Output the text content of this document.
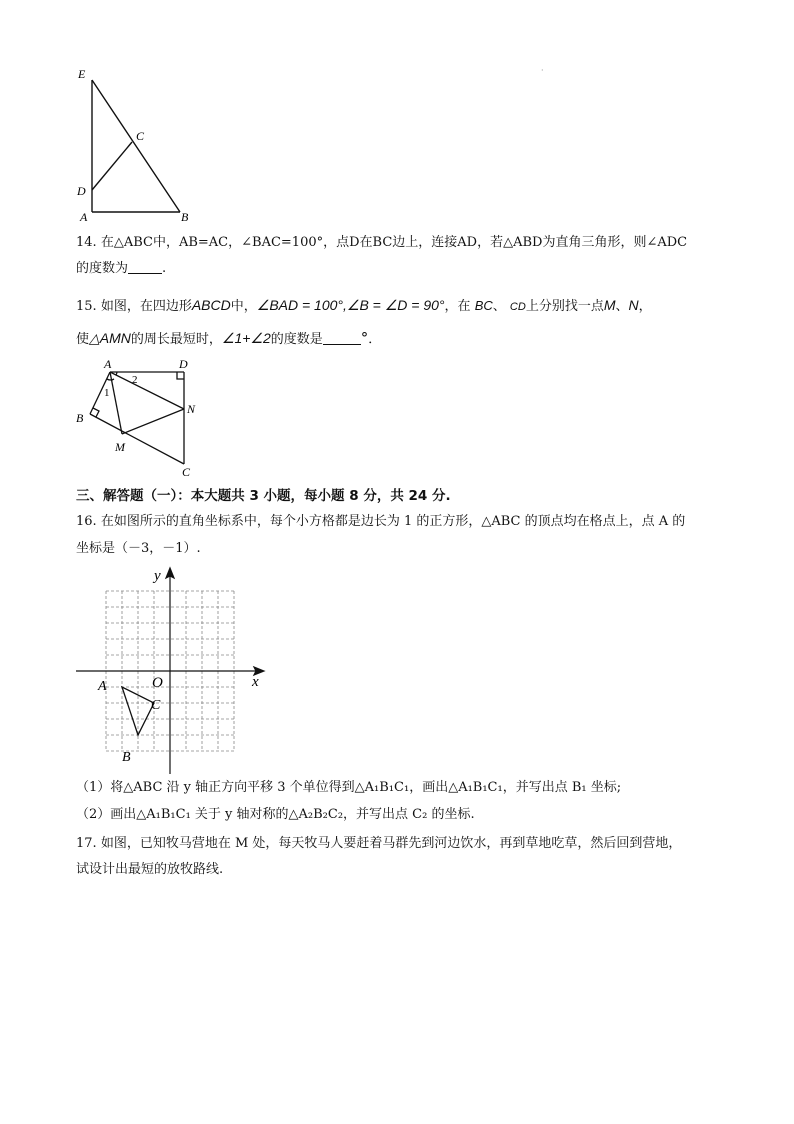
E
C
D
A	B
·
14. 在△ABC中，AB=AC，∠BAC=100°，点D在BC边上，连接AD，若△ABD为直角三角形，则∠ADC
的度数为	.
15. 如图，在四边形ABCD中，∠BAD = 100°,∠B = ∠D = 90°，在 BC、 CD上分别找一点M、N，
使△AMN的周长最短时，∠1+∠2的度数是	°．
A	D
1
2
B
N
M
C
三、解答题（一）：本大题共 3 小题，每小题 8 分，共 24 分.
16. 在如图所示的直角坐标系中，每个小方格都是边长为 1 的正方形，△ABC 的顶点均在格点上，点 A 的
坐标是（－3，－1）.
y
x
O
A
C
B
（1）将△ABC 沿 y 轴正方向平移 3 个单位得到△A₁B₁C₁，画出△A₁B₁C₁，并写出点 B₁ 坐标;
（2）画出△A₁B₁C₁ 关于 y 轴对称的△A₂B₂C₂，并写出点 C₂ 的坐标.
17. 如图，已知牧马营地在 M 处，每天牧马人要赶着马群先到河边饮水，再到草地吃草，然后回到营地，
试设计出最短的放牧路线.
